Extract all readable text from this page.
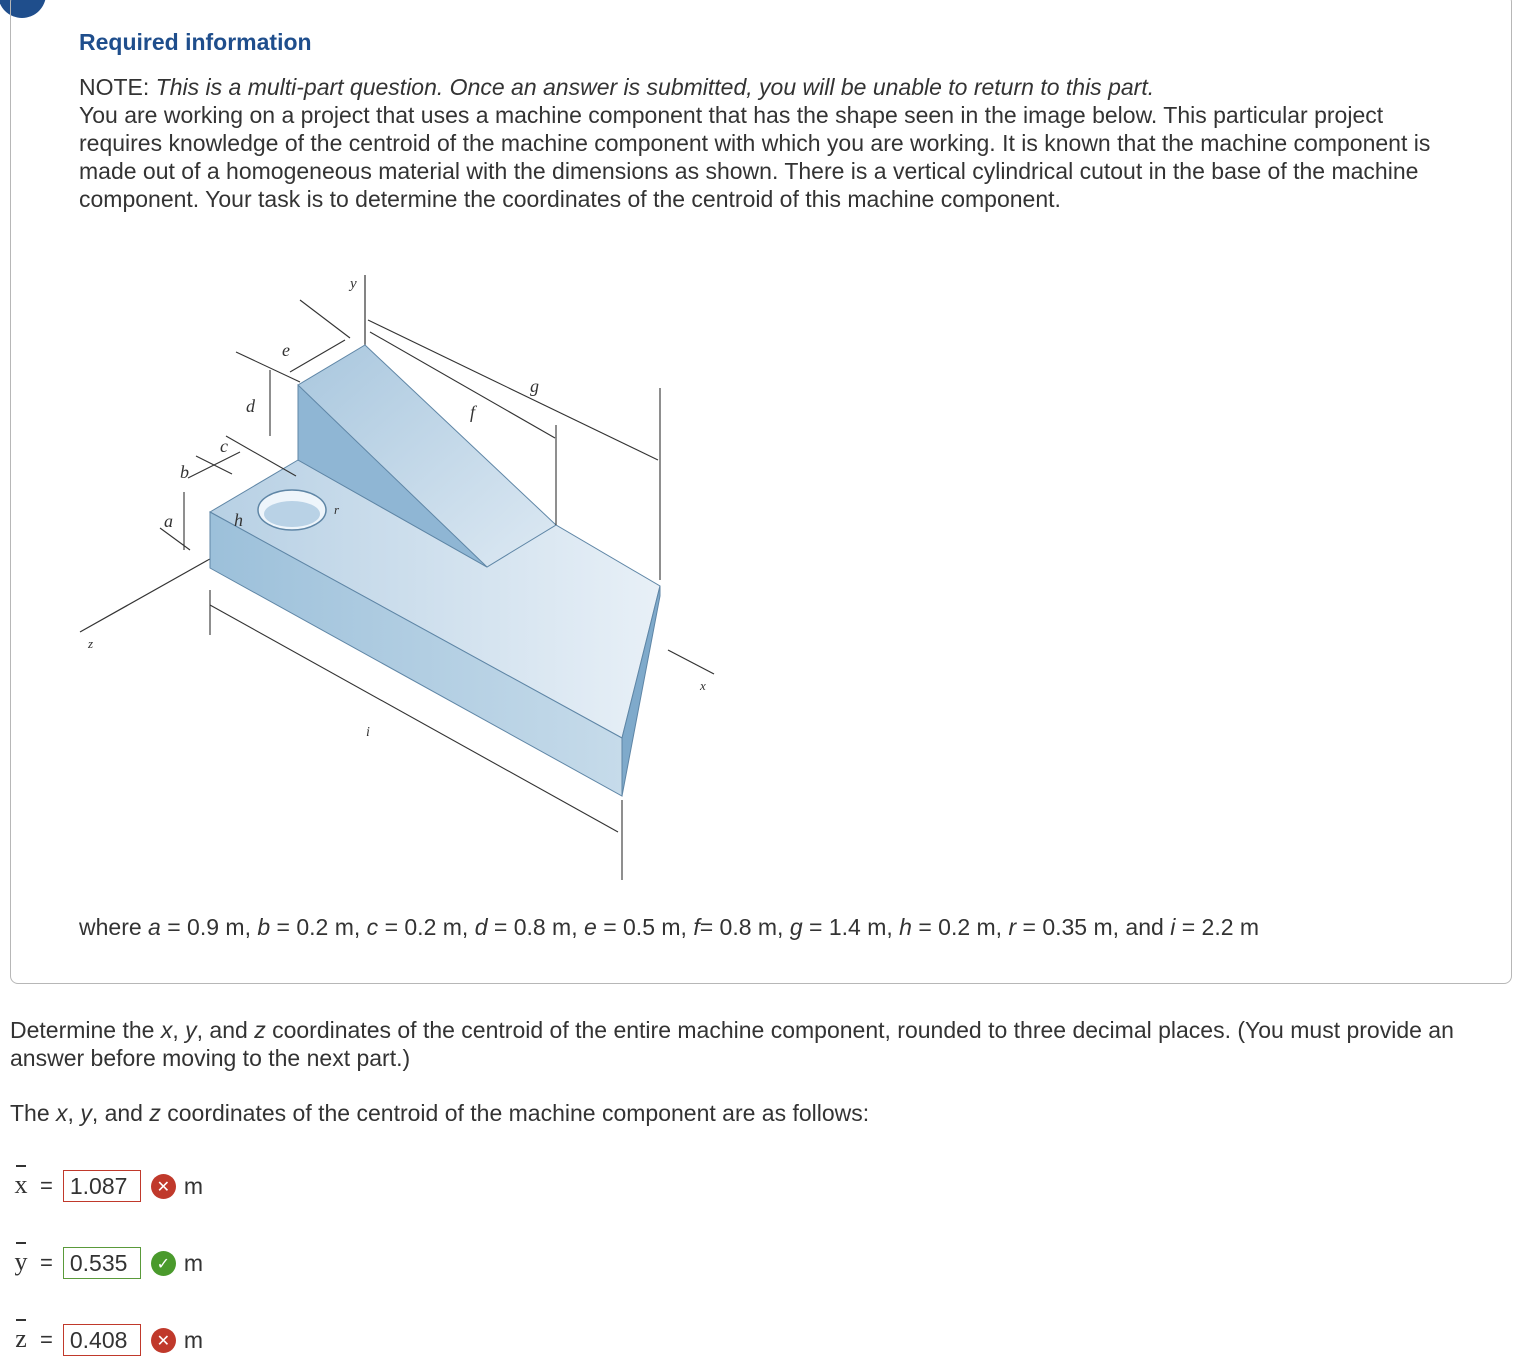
Required information
NOTE: This is a multi-part question. Once an answer is submitted, you will be unable to return to this part.
You are working on a project that uses a machine component that has the shape seen in the image below. This particular project requires knowledge of the centroid of the machine component with which you are working. It is known that the machine component is made out of a homogeneous material with the dimensions as shown. There is a vertical cylindrical cutout in the base of the machine component. Your task is to determine the coordinates of the centroid of this machine component.
y
x
z
a
b
c
d
e
f
g
h
i
r
where a = 0.9 m, b = 0.2 m, c = 0.2 m, d = 0.8 m, e = 0.5 m, f= 0.8 m, g = 1.4 m, h = 0.2 m, r = 0.35 m, and i = 2.2 m
Determine the x, y, and z coordinates of the centroid of the entire machine component, rounded to three decimal places. (You must provide an answer before moving to the next part.)
The x, y, and z coordinates of the centroid of the machine component are as follows:
x =
1.087	✕ m
y =
0.535	✓ m
z =
0.408	✕ m
